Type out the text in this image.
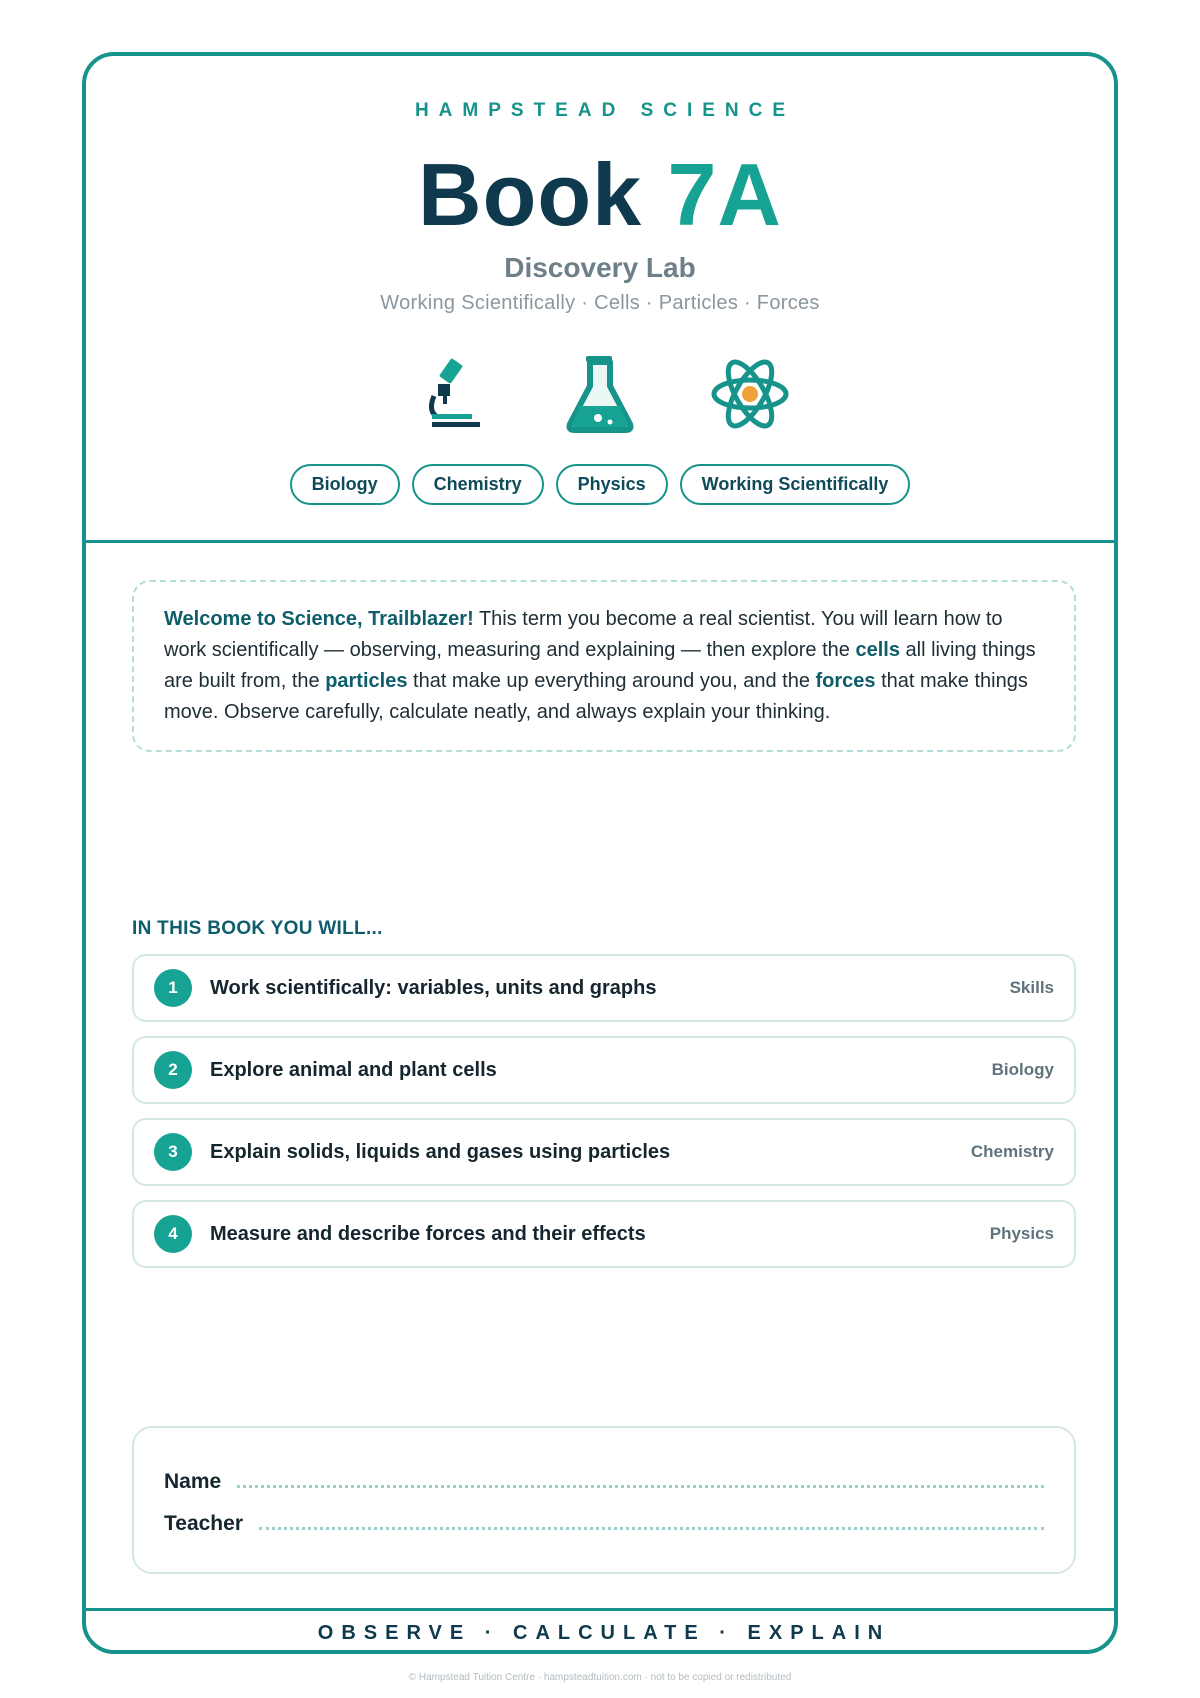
HAMPSTEAD SCIENCE
Book 7A
Discovery Lab
Working Scientifically · Cells · Particles · Forces
Biology	Chemistry	Physics	Working Scientifically
Welcome to Science, Trailblazer! This term you become a real scientist. You will learn how to work scientifically — observing, measuring and explaining — then explore the cells all living things are built from, the particles that make up everything around you, and the forces that make things move. Observe carefully, calculate neatly, and always explain your thinking.
IN THIS BOOK YOU WILL...
1	Work scientifically: variables, units and graphs	Skills
2	Explore animal and plant cells	Biology
3	Explain solids, liquids and gases using particles	Chemistry
4	Measure and describe forces and their effects	Physics
Name
Teacher
OBSERVE · CALCULATE · EXPLAIN
© Hampstead Tuition Centre · hampsteadtuition.com · not to be copied or redistributed
